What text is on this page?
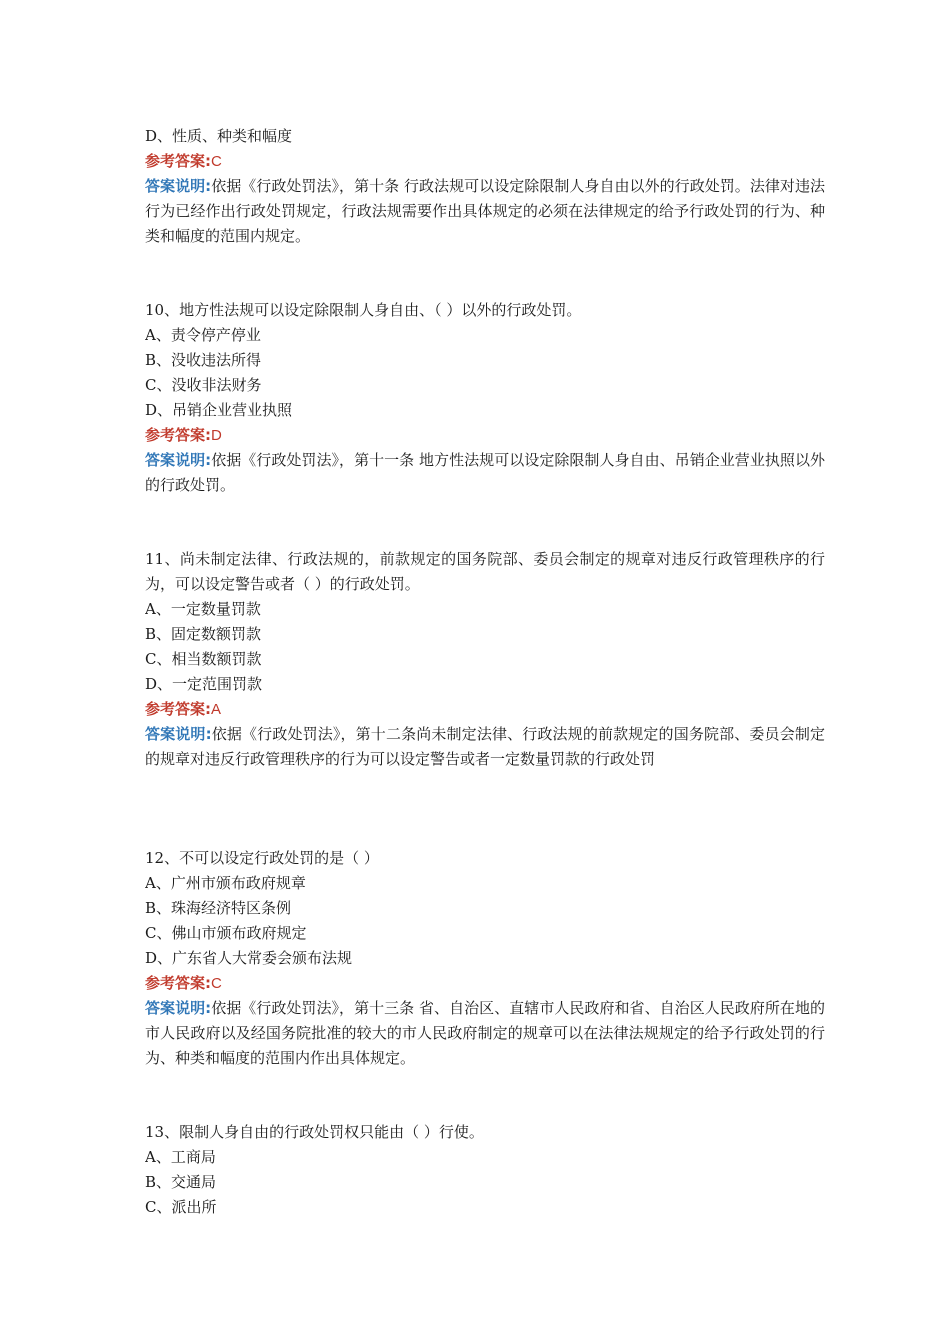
D、性质、种类和幅度
参考答案:C
答案说明:依据《行政处罚法》，第十条 行政法规可以设定除限制人身自由以外的行政处罚。法律对违法行为已经作出行政处罚规定，行政法规需要作出具体规定的必须在法律规定的给予行政处罚的行为、种类和幅度的范围内规定。
10、地方性法规可以设定除限制人身自由、（ ）以外的行政处罚。
A、责令停产停业
B、没收违法所得
C、没收非法财务
D、吊销企业营业执照
参考答案:D
答案说明:依据《行政处罚法》，第十一条 地方性法规可以设定除限制人身自由、吊销企业营业执照以外的行政处罚。
11、尚未制定法律、行政法规的，前款规定的国务院部、委员会制定的规章对违反行政管理秩序的行为，可以设定警告或者（ ）的行政处罚。
A、一定数量罚款
B、固定数额罚款
C、相当数额罚款
D、一定范围罚款
参考答案:A
答案说明:依据《行政处罚法》，第十二条尚未制定法律、行政法规的前款规定的国务院部、委员会制定的规章对违反行政管理秩序的行为可以设定警告或者一定数量罚款的行政处罚
12、不可以设定行政处罚的是（ ）
A、广州市颁布政府规章
B、珠海经济特区条例
C、佛山市颁布政府规定
D、广东省人大常委会颁布法规
参考答案:C
答案说明:依据《行政处罚法》，第十三条 省、自治区、直辖市人民政府和省、自治区人民政府所在地的市人民政府以及经国务院批准的较大的市人民政府制定的规章可以在法律法规规定的给予行政处罚的行为、种类和幅度的范围内作出具体规定。
13、限制人身自由的行政处罚权只能由（ ）行使。
A、工商局
B、交通局
C、派出所
